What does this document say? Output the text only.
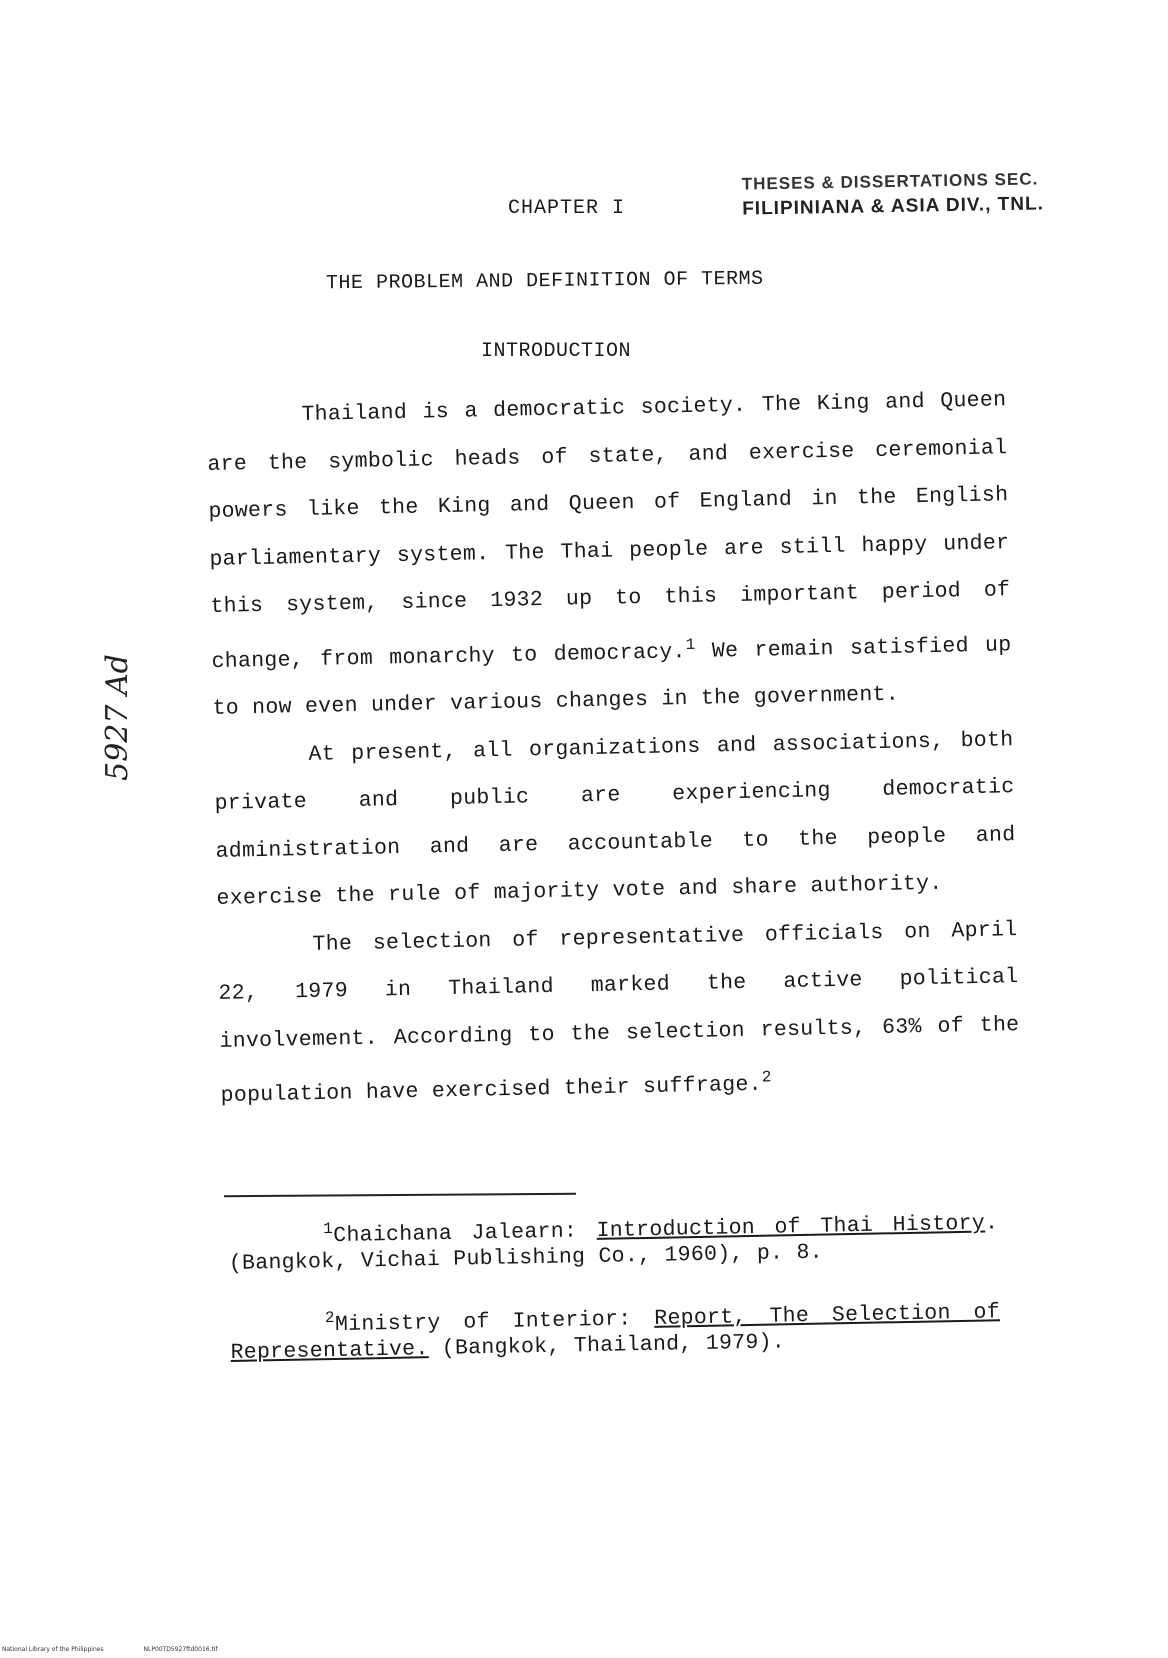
THESES & DISSERTATIONS SEC.
FILIPINIANA & ASIA DIV., TNL.
CHAPTER I
THE PROBLEM AND DEFINITION OF TERMS
INTRODUCTION

Thailand is a democratic society. The King and Queen are the symbolic heads of state, and exercise ceremonial powers like the King and Queen of England in the English parliamentary system. The Thai people are still happy under this system, since 1932 up to this important period of change, from monarchy to democracy.$^1$ We remain satisfied up to now even under various changes in the government.

At present, all organizations and associations, both private and public are experiencing democratic administration and are accountable to the people and exercise the rule of majority vote and share authority.

The selection of representative officials on April 22, 1979 in Thailand marked the active political involvement. According to the selection results, 63% of the population have exercised their suffrage.$^2$

$^1$Chaichana Jalearn: Introduction of Thai History. (Bangkok, Vichai Publishing Co., 1960), p. 8.

$^2$Ministry of Interior: Report, The Selection of Representative. (Bangkok, Thailand, 1979).

5927 Ad
National Library of the Philippines	NLP00TD5927ftd0016.tif
